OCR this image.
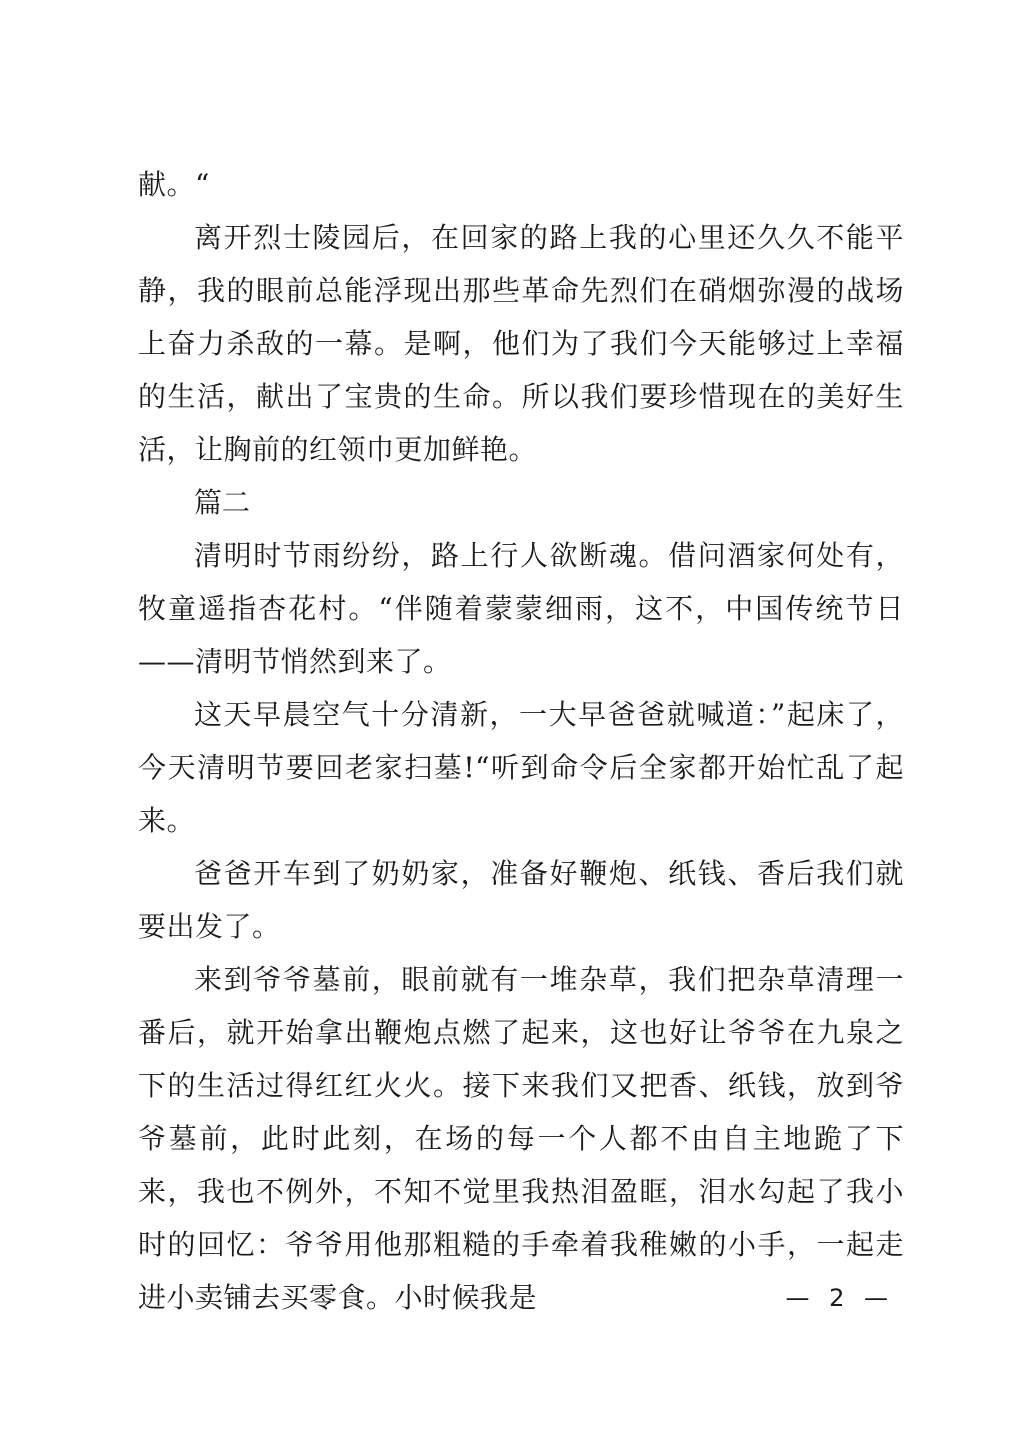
献。“

离开烈士陵园后，在回家的路上我的心里还久久不能平静，我的眼前总能浮现出那些革命先烈们在硝烟弥漫的战场上奋力杀敌的一幕。是啊，他们为了我们今天能够过上幸福的生活，献出了宝贵的生命。所以我们要珍惜现在的美好生活，让胸前的红领巾更加鲜艳。

篇二

清明时节雨纷纷，路上行人欲断魂。借问酒家何处有，牧童遥指杏花村。“伴随着蒙蒙细雨，这不，中国传统节日——清明节悄然到来了。

这天早晨空气十分清新，一大早爸爸就喊道：”起床了，今天清明节要回老家扫墓!“听到命令后全家都开始忙乱了起来。

爸爸开车到了奶奶家，准备好鞭炮、纸钱、香后我们就要出发了。

来到爷爷墓前，眼前就有一堆杂草，我们把杂草清理一番后，就开始拿出鞭炮点燃了起来，这也好让爷爷在九泉之下的生活过得红红火火。接下来我们又把香、纸钱，放到爷爷墓前，此时此刻，在场的每一个人都不由自主地跪了下来，我也不例外，不知不觉里我热泪盈眶，泪水勾起了我小时的回忆：爷爷用他那粗糙的手牵着我稚嫩的小手，一起走进小卖铺去买零食。小时候我是	— 2 —
